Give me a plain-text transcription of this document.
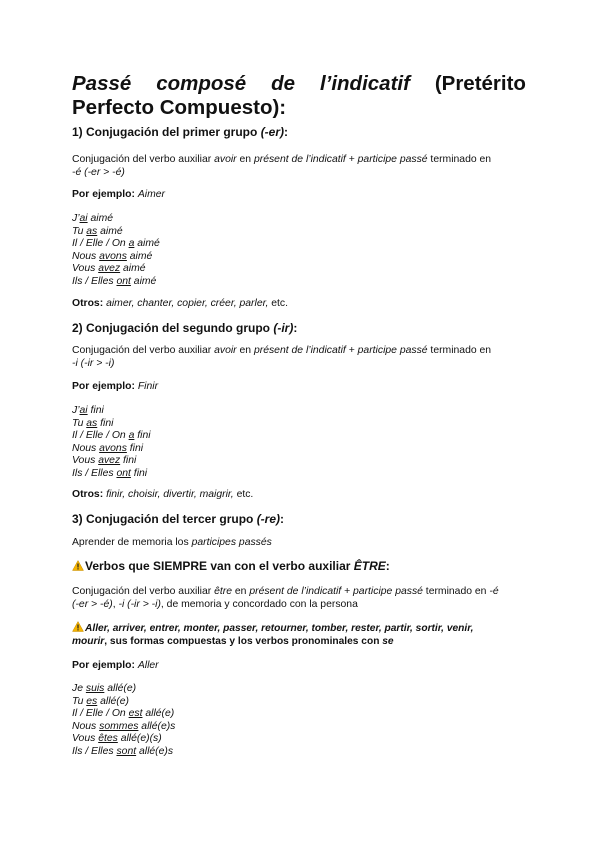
Passé composé de l’indicatif (Pretérito
Perfecto Compuesto):
1) Conjugación del primer grupo (-er):
Conjugación del verbo auxiliar avoir en présent de l’indicatif + participe passé terminado en
-é (-er > -é)
Por ejemplo: Aimer
J’ai aimé
Tu as aimé
Il / Elle / On a aimé
Nous avons aimé
Vous avez aimé
Ils / Elles ont aimé
Otros: aimer, chanter, copier, créer, parler, etc.
2) Conjugación del segundo grupo (-ir):
Conjugación del verbo auxiliar avoir en présent de l’indicatif + participe passé terminado en
-i (-ir > -i)
Por ejemplo: Finir
J’ai fini
Tu as fini
Il / Elle / On a fini
Nous avons fini
Vous avez fini
Ils / Elles ont fini
Otros: finir, choisir, divertir, maigrir, etc.
3) Conjugación del tercer grupo (-re):
Aprender de memoria los participes passés
Verbos que SIEMPRE van con el verbo auxiliar ÊTRE:
Conjugación del verbo auxiliar être en présent de l’indicatif + participe passé terminado en -é
(-er > -é), -i (-ir > -i), de memoria y concordado con la persona
Aller, arriver, entrer, monter, passer, retourner, tomber, rester, partir, sortir, venir,
mourir, sus formas compuestas y los verbos pronominales con se
Por ejemplo: Aller
Je suis allé(e)
Tu es allé(e)
Il / Elle / On est allé(e)
Nous sommes allé(e)s
Vous êtes allé(e)(s)
Ils / Elles sont allé(e)s
